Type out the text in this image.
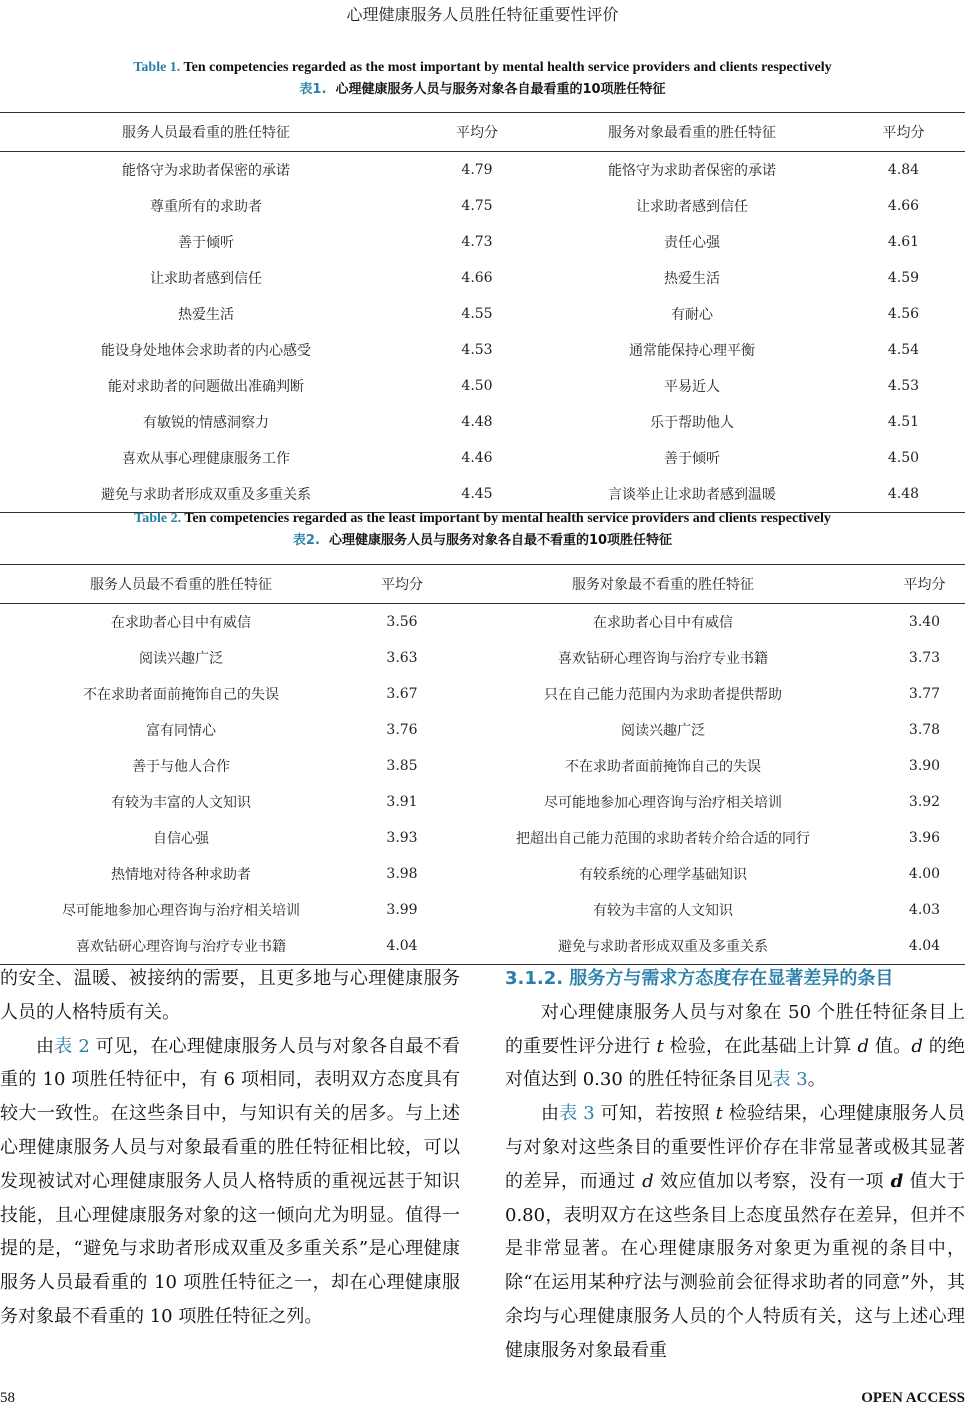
心理健康服务人员胜任特征重要性评价
Table 1. Ten competencies regarded as the most important by mental health service providers and clients respectively
表1. 心理健康服务人员与服务对象各自最看重的10项胜任特征
服务人员最看重的胜任特征	平均分	服务对象最看重的胜任特征	平均分
能恪守为求助者保密的承诺	4.79	能恪守为求助者保密的承诺	4.84
尊重所有的求助者	4.75	让求助者感到信任	4.66
善于倾听	4.73	责任心强	4.61
让求助者感到信任	4.66	热爱生活	4.59
热爱生活	4.55	有耐心	4.56
能设身处地体会求助者的内心感受	4.53	通常能保持心理平衡	4.54
能对求助者的问题做出准确判断	4.50	平易近人	4.53
有敏锐的情感洞察力	4.48	乐于帮助他人	4.51
喜欢从事心理健康服务工作	4.46	善于倾听	4.50
避免与求助者形成双重及多重关系	4.45	言谈举止让求助者感到温暖	4.48
Table 2. Ten competencies regarded as the least important by mental health service providers and clients respectively
表2. 心理健康服务人员与服务对象各自最不看重的10项胜任特征
服务人员最不看重的胜任特征	平均分	服务对象最不看重的胜任特征	平均分
在求助者心目中有威信	3.56	在求助者心目中有威信	3.40
阅读兴趣广泛	3.63	喜欢钻研心理咨询与治疗专业书籍	3.73
不在求助者面前掩饰自己的失误	3.67	只在自己能力范围内为求助者提供帮助	3.77
富有同情心	3.76	阅读兴趣广泛	3.78
善于与他人合作	3.85	不在求助者面前掩饰自己的失误	3.90
有较为丰富的人文知识	3.91	尽可能地参加心理咨询与治疗相关培训	3.92
自信心强	3.93	把超出自己能力范围的求助者转介给合适的同行	3.96
热情地对待各种求助者	3.98	有较系统的心理学基础知识	4.00
尽可能地参加心理咨询与治疗相关培训	3.99	有较为丰富的人文知识	4.03
喜欢钻研心理咨询与治疗专业书籍	4.04	避免与求助者形成双重及多重关系	4.04

的安全、温暖、被接纳的需要，且更多地与心理健康服务人员的人格特质有关。

由表 2 可见，在心理健康服务人员与对象各自最不看重的 10 项胜任特征中，有 6 项相同，表明双方态度具有较大一致性。在这些条目中，与知识有关的居多。与上述心理健康服务人员与对象最看重的胜任特征相比较，可以发现被试对心理健康服务人员人格特质的重视远甚于知识技能，且心理健康服务对象的这一倾向尤为明显。值得一提的是，“避免与求助者形成双重及多重关系”是心理健康服务人员最看重的 10 项胜任特征之一，却在心理健康服务对象最不看重的 10 项胜任特征之列。

3.1.2. 服务方与需求方态度存在显著差异的条目

对心理健康服务人员与对象在 50 个胜任特征条目上的重要性评分进行 t 检验，在此基础上计算 d 值。d 的绝对值达到 0.30 的胜任特征条目见表 3。

由表 3 可知，若按照 t 检验结果，心理健康服务人员与对象对这些条目的重要性评价存在非常显著或极其显著的差异，而通过 d 效应值加以考察，没有一项 d 值大于 0.80，表明双方在这些条目上态度虽然存在差异，但并不是非常显著。在心理健康服务对象更为重视的条目中，除“在运用某种疗法与测验前会征得求助者的同意”外，其余均与心理健康服务人员的个人特质有关，这与上述心理健康服务对象最看重

58	OPEN ACCESS
